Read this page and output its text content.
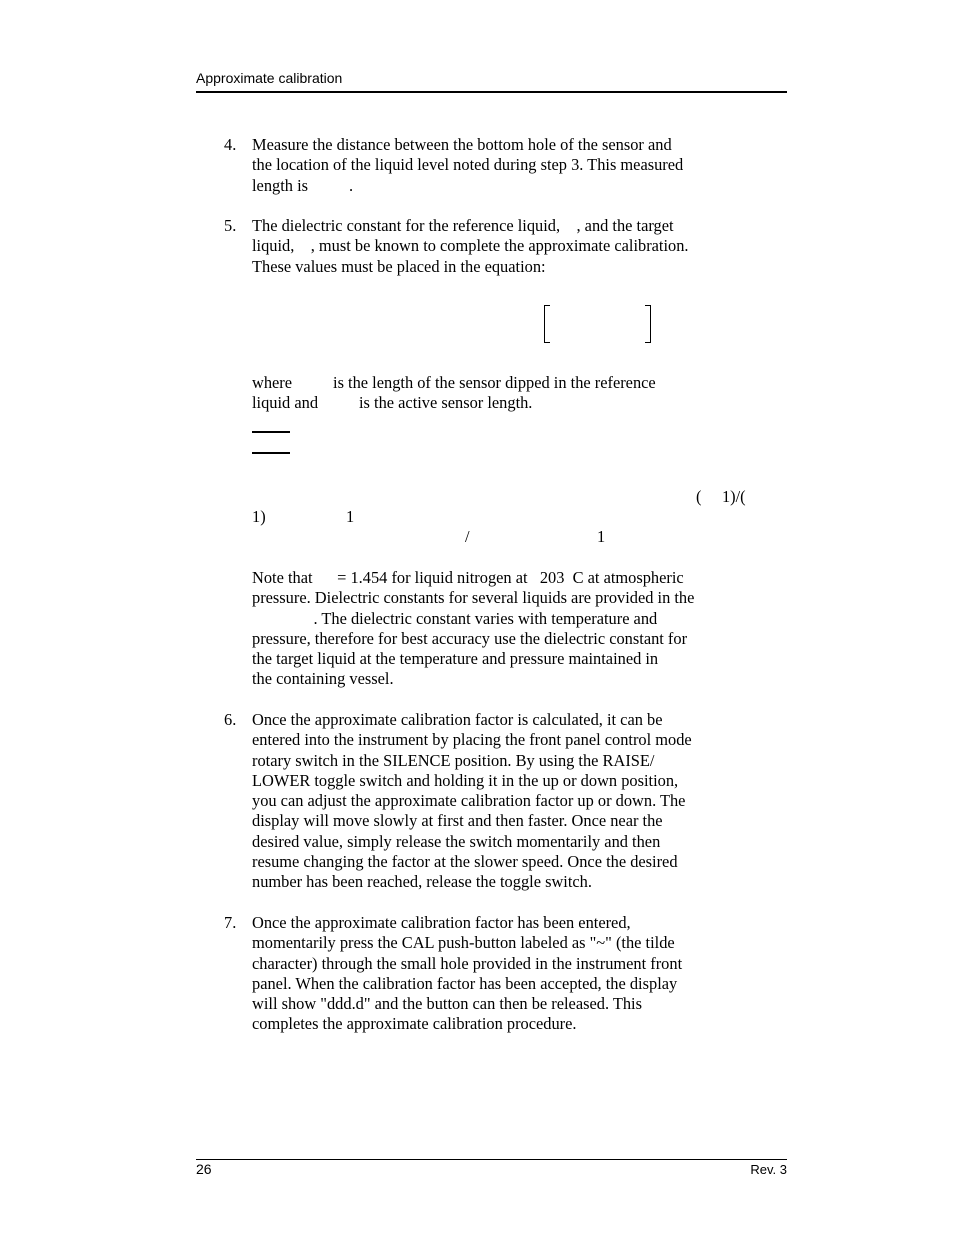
Approximate calibration
4. Measure the distance between the bottom hole of the sensor and
the location of the liquid level noted during step 3. This measured
length is          .
5. The dielectric constant for the reference liquid,    , and the target
liquid,    , must be known to complete the approximate calibration.
These values must be placed in the equation:
where          is the length of the sensor dipped in the reference
liquid and          is the active sensor length.
(     1)/(
1)	1
/	1
Note that      = 1.454 for liquid nitrogen at   203  C at atmospheric
pressure. Dielectric constants for several liquids are provided in the
. The dielectric constant varies with temperature and
pressure, therefore for best accuracy use the dielectric constant for
the target liquid at the temperature and pressure maintained in
the containing vessel.
6. Once the approximate calibration factor is calculated, it can be
entered into the instrument by placing the front panel control mode
rotary switch in the SILENCE position. By using the RAISE/
LOWER toggle switch and holding it in the up or down position,
you can adjust the approximate calibration factor up or down. The
display will move slowly at first and then faster. Once near the
desired value, simply release the switch momentarily and then
resume changing the factor at the slower speed. Once the desired
number has been reached, release the toggle switch.
7. Once the approximate calibration factor has been entered,
momentarily press the CAL push-button labeled as "~" (the tilde
character) through the small hole provided in the instrument front
panel. When the calibration factor has been accepted, the display
will show "ddd.d" and the button can then be released. This
completes the approximate calibration procedure.
26	Rev. 3
